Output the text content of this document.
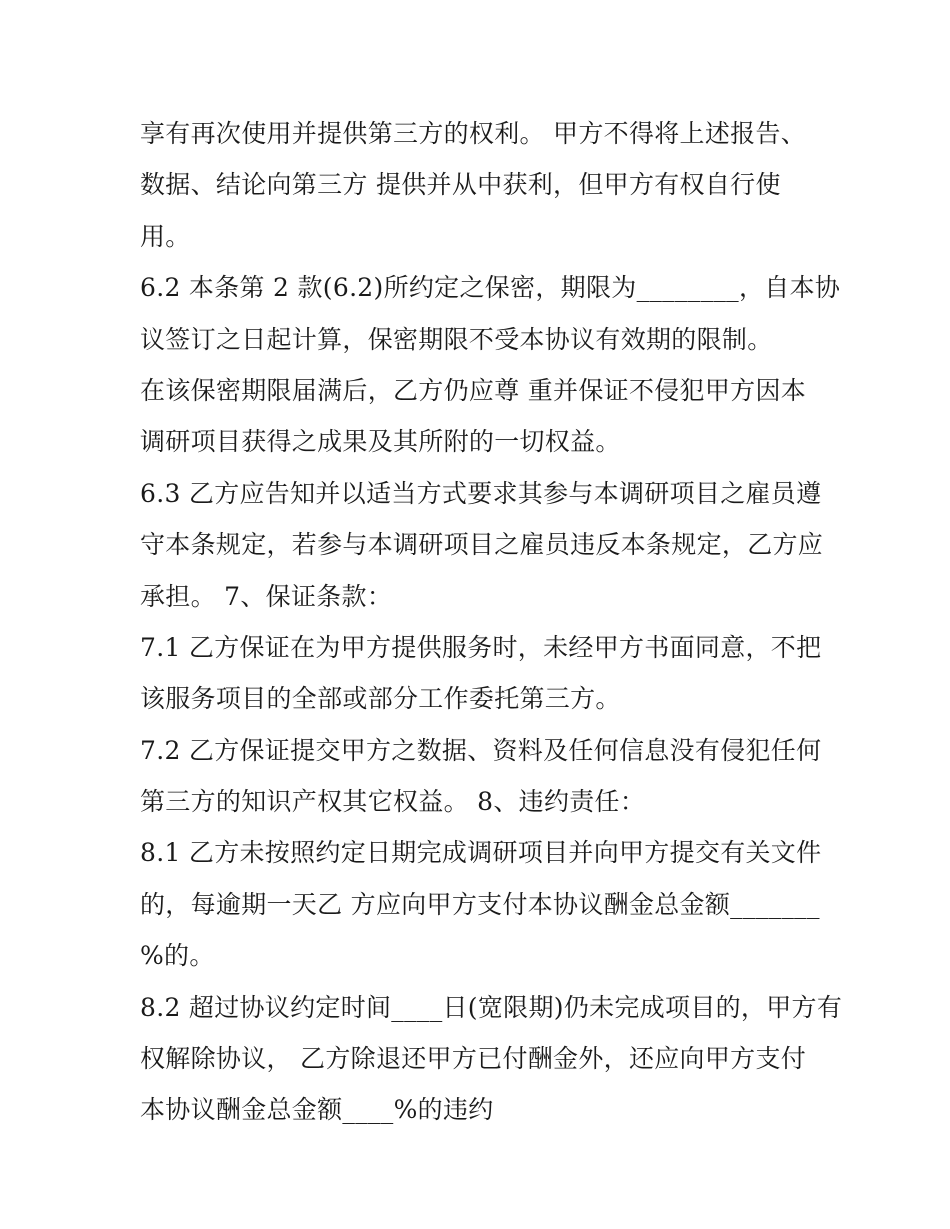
享有再次使用并提供第三方的权利。 甲方不得将上述报告、
数据、结论向第三方 提供并从中获利，但甲方有权自行使
用。
6.2 本条第 2 款(6.2)所约定之保密，期限为________，自本协
议签订之日起计算，保密期限不受本协议有效期的限制。
在该保密期限届满后，乙方仍应尊 重并保证不侵犯甲方因本
调研项目获得之成果及其所附的一切权益。
6.3 乙方应告知并以适当方式要求其参与本调研项目之雇员遵
守本条规定，若参与本调研项目之雇员违反本条规定，乙方应
承担。 7、保证条款：
7.1 乙方保证在为甲方提供服务时，未经甲方书面同意，不把
该服务项目的全部或部分工作委托第三方。
7.2 乙方保证提交甲方之数据、资料及任何信息没有侵犯任何
第三方的知识产权其它权益。 8、违约责任：
8.1 乙方未按照约定日期完成调研项目并向甲方提交有关文件
的，每逾期一天乙 方应向甲方支付本协议酬金总金额_______
%的。
8.2 超过协议约定时间____日(宽限期)仍未完成项目的，甲方有
权解除协议， 乙方除退还甲方已付酬金外，还应向甲方支付
本协议酬金总金额____%的违约
